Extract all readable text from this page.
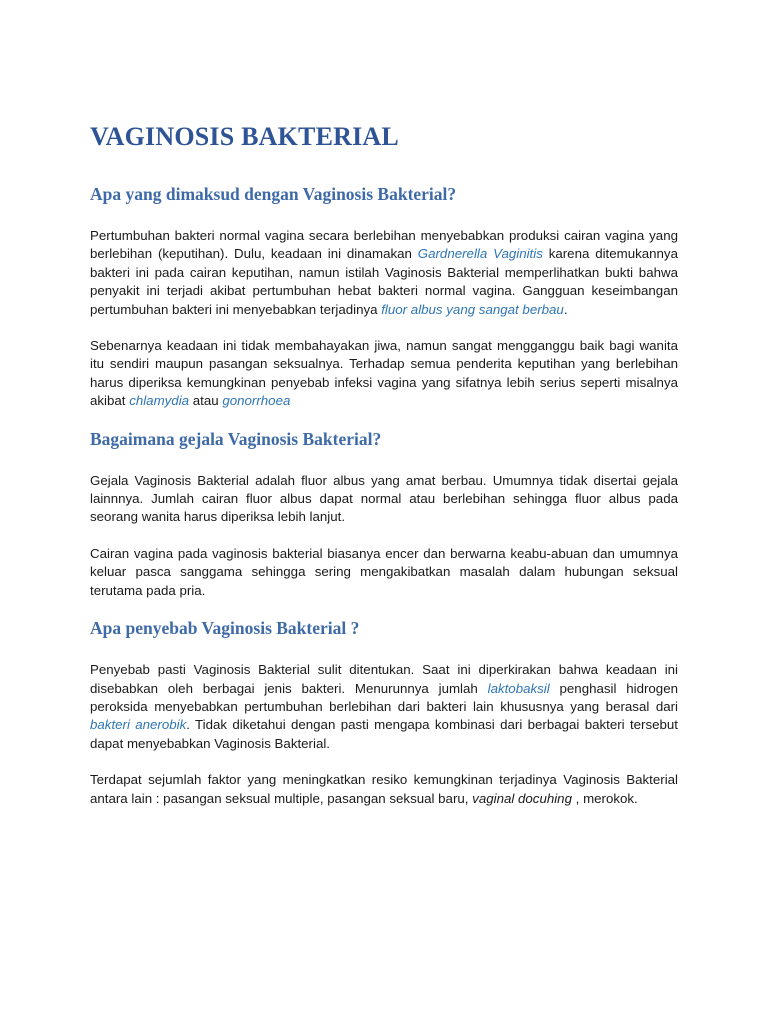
VAGINOSIS BAKTERIAL
Apa yang dimaksud dengan Vaginosis Bakterial?

Pertumbuhan bakteri normal vagina secara berlebihan menyebabkan produksi cairan vagina yang berlebihan (keputihan). Dulu, keadaan ini dinamakan Gardnerella Vaginitis karena ditemukannya bakteri ini pada cairan keputihan, namun istilah Vaginosis Bakterial memperlihatkan bukti bahwa penyakit ini terjadi akibat pertumbuhan hebat bakteri normal vagina. Gangguan keseimbangan pertumbuhan bakteri ini menyebabkan terjadinya fluor albus yang sangat berbau.

Sebenarnya keadaan ini tidak membahayakan jiwa, namun sangat mengganggu baik bagi wanita itu sendiri maupun pasangan seksualnya. Terhadap semua penderita keputihan yang berlebihan harus diperiksa kemungkinan penyebab infeksi vagina yang sifatnya lebih serius seperti misalnya akibat chlamydia atau gonorrhoea

Bagaimana gejala Vaginosis Bakterial?

Gejala Vaginosis Bakterial adalah fluor albus yang amat berbau. Umumnya tidak disertai gejala lainnnya. Jumlah cairan fluor albus dapat normal atau berlebihan sehingga fluor albus pada seorang wanita harus diperiksa lebih lanjut.

Cairan vagina pada vaginosis bakterial biasanya encer dan berwarna keabu-abuan dan umumnya keluar pasca sanggama sehingga sering mengakibatkan masalah dalam hubungan seksual terutama pada pria.

Apa penyebab Vaginosis Bakterial ?

Penyebab pasti Vaginosis Bakterial sulit ditentukan. Saat ini diperkirakan bahwa keadaan ini disebabkan oleh berbagai jenis bakteri. Menurunnya jumlah laktobaksil penghasil hidrogen peroksida menyebabkan pertumbuhan berlebihan dari bakteri lain khususnya yang berasal dari bakteri anerobik. Tidak diketahui dengan pasti mengapa kombinasi dari berbagai bakteri tersebut dapat menyebabkan Vaginosis Bakterial.

Terdapat sejumlah faktor yang meningkatkan resiko kemungkinan terjadinya Vaginosis Bakterial antara lain : pasangan seksual multiple, pasangan seksual baru, vaginal docuhing , merokok.
